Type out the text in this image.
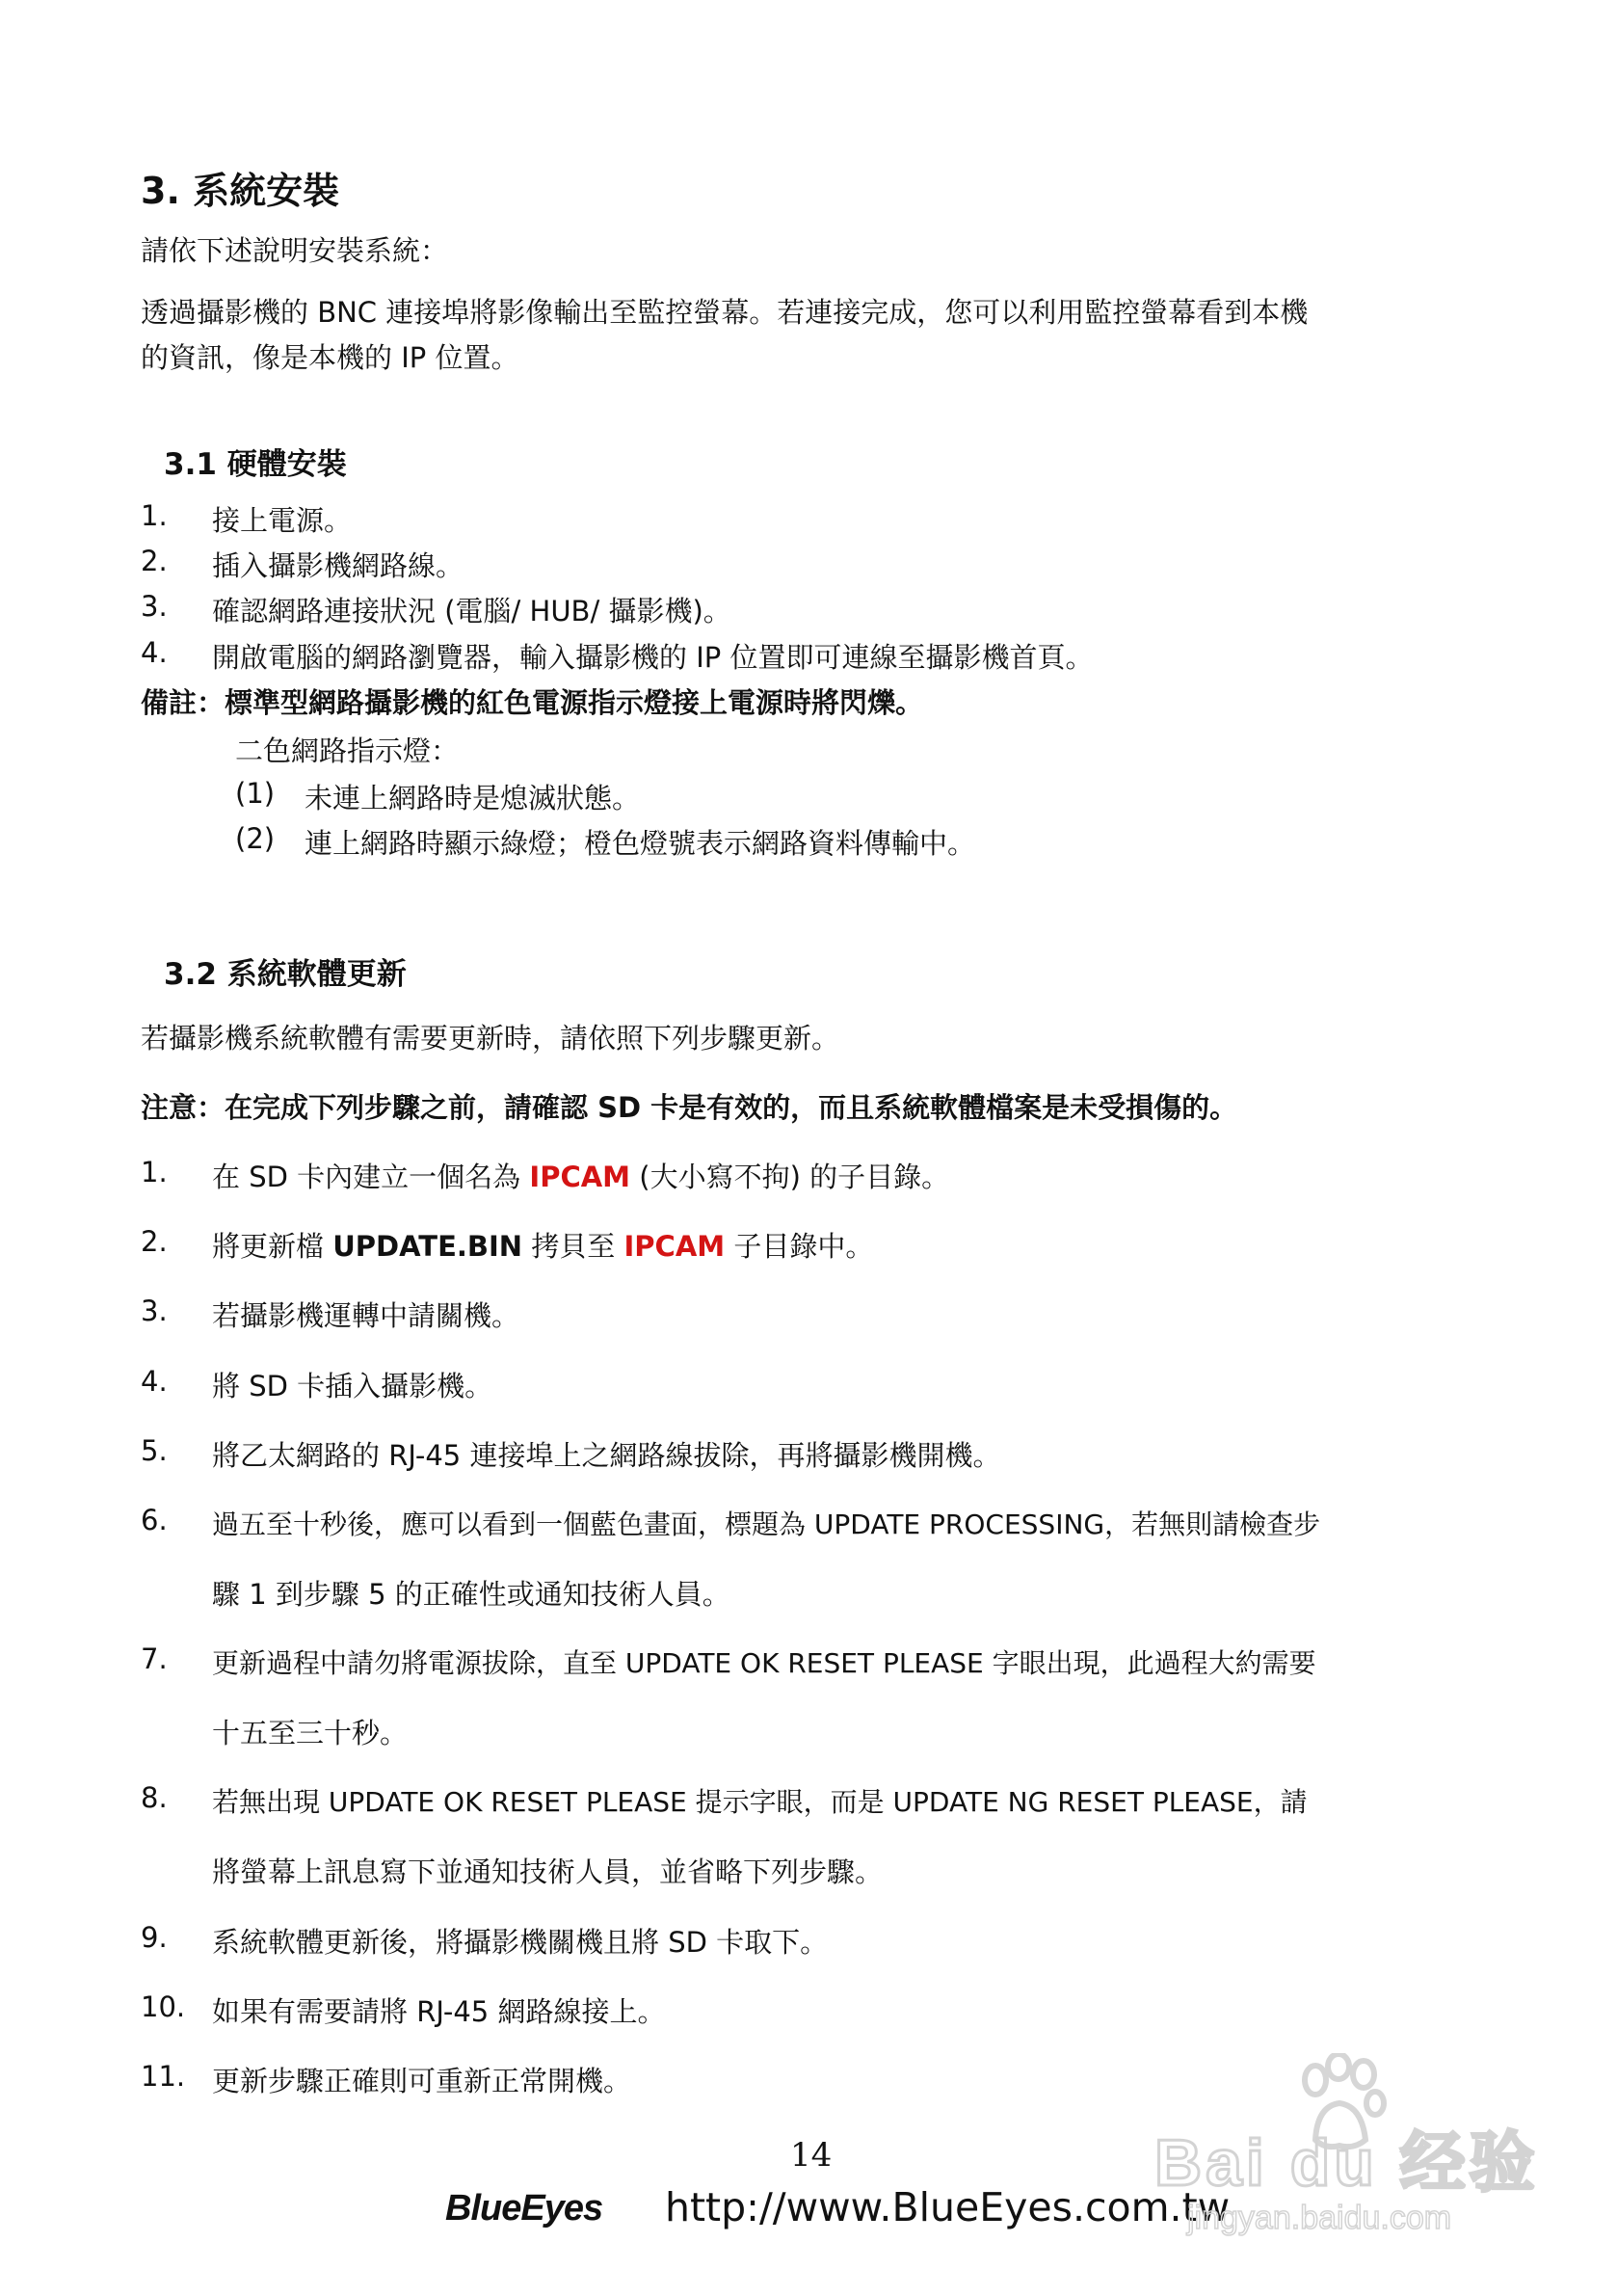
3. 系統安裝
請依下述說明安裝系統：
透過攝影機的 BNC 連接埠將影像輸出至監控螢幕。若連接完成，您可以利用監控螢幕看到本機
的資訊，像是本機的 IP 位置。
3.1 硬體安裝
1. 接上電源。
2. 插入攝影機網路線。
3. 確認網路連接狀況 (電腦/ HUB/ 攝影機)。
4. 開啟電腦的網路瀏覽器，輸入攝影機的 IP 位置即可連線至攝影機首頁。
備註：標準型網路攝影機的紅色電源指示燈接上電源時將閃爍。
二色網路指示燈：
(1) 未連上網路時是熄滅狀態。
(2) 連上網路時顯示綠燈；橙色燈號表示網路資料傳輸中。
3.2 系統軟體更新
若攝影機系統軟體有需要更新時，請依照下列步驟更新。
注意：在完成下列步驟之前，請確認 SD 卡是有效的，而且系統軟體檔案是未受損傷的。
1. 在 SD 卡內建立一個名為 IPCAM (大小寫不拘) 的子目錄。
2. 將更新檔 UPDATE.BIN 拷貝至 IPCAM 子目錄中。
3. 若攝影機運轉中請關機。
4. 將 SD 卡插入攝影機。
5. 將乙太網路的 RJ-45 連接埠上之網路線拔除，再將攝影機開機。
6. 過五至十秒後，應可以看到一個藍色畫面，標題為 UPDATE PROCESSING，若無則請檢查步
驟 1 到步驟 5 的正確性或通知技術人員。
7. 更新過程中請勿將電源拔除，直至 UPDATE OK RESET PLEASE 字眼出現，此過程大約需要
十五至三十秒。
8. 若無出現 UPDATE OK RESET PLEASE 提示字眼，而是 UPDATE NG RESET PLEASE，請
將螢幕上訊息寫下並通知技術人員，並省略下列步驟。
9. 系統軟體更新後，將攝影機關機且將 SD 卡取下。
10. 如果有需要請將 RJ-45 網路線接上。
11. 更新步驟正確則可重新正常開機。
14
BlueEyes http://www.BlueEyes.com.tw
Bai du 经验
jingyan.baidu.com
